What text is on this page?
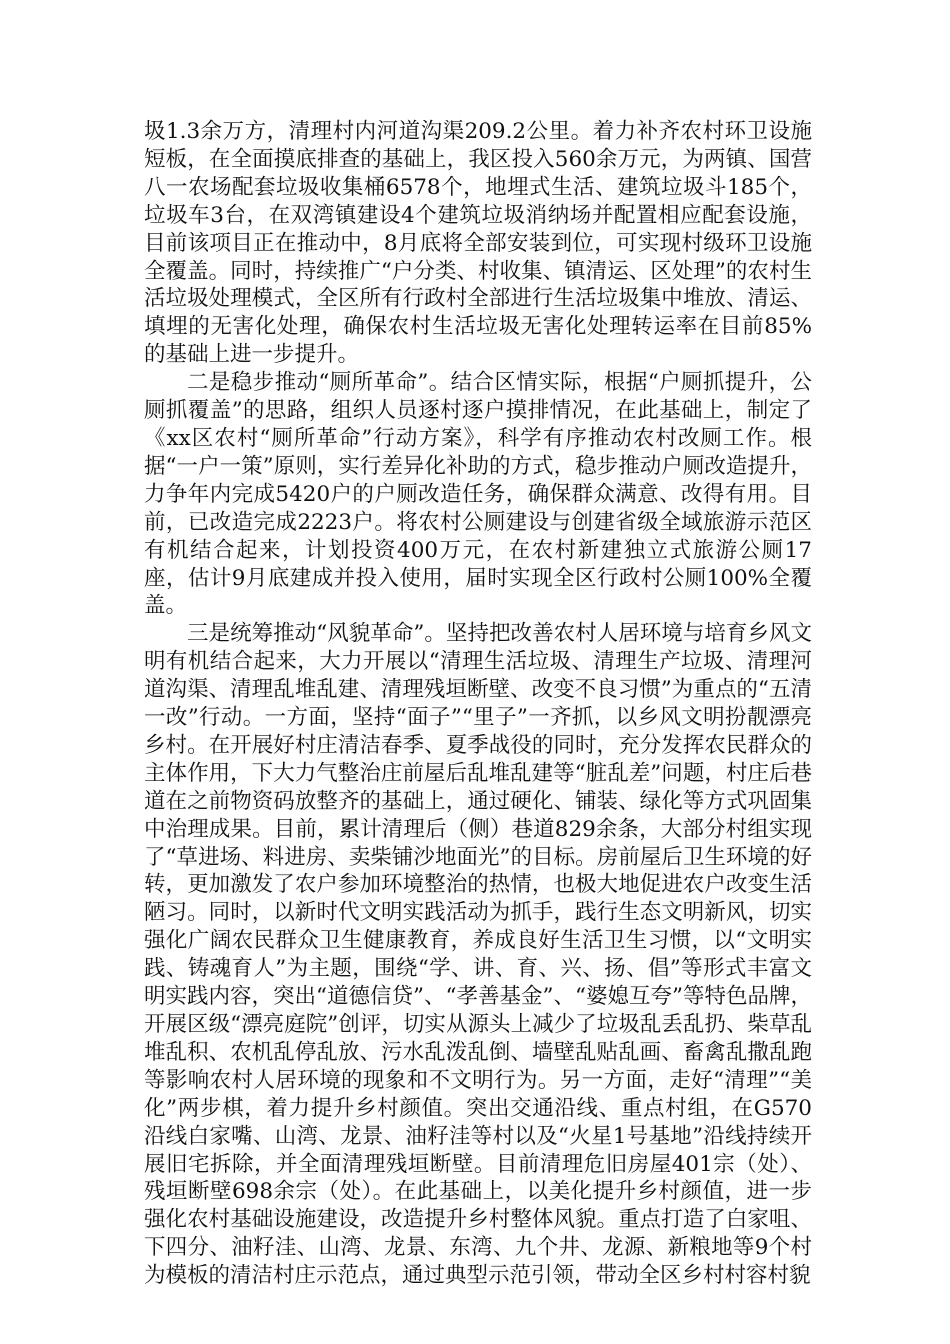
圾1.3余万方，清理村内河道沟渠209.2公里。着力补齐农村环卫设施短板，在全面摸底排查的基础上，我区投入560余万元，为两镇、国营八一农场配套垃圾收集桶6578个，地埋式生活、建筑垃圾斗185个，垃圾车3台，在双湾镇建设4个建筑垃圾消纳场并配置相应配套设施，目前该项目正在推动中，8月底将全部安装到位，可实现村级环卫设施全覆盖。同时，持续推广“户分类、村收集、镇清运、区处理”的农村生活垃圾处理模式，全区所有行政村全部进行生活垃圾集中堆放、清运、填埋的无害化处理，确保农村生活垃圾无害化处理转运率在目前85%的基础上进一步提升。

二是稳步推动“厕所革命”。结合区情实际，根据“户厕抓提升，公厕抓覆盖”的思路，组织人员逐村逐户摸排情况，在此基础上，制定了《xx区农村“厕所革命”行动方案》，科学有序推动农村改厕工作。根据“一户一策”原则，实行差异化补助的方式，稳步推动户厕改造提升，力争年内完成5420户的户厕改造任务，确保群众满意、改得有用。目前，已改造完成2223户。将农村公厕建设与创建省级全域旅游示范区有机结合起来，计划投资400万元，在农村新建独立式旅游公厕17座，估计9月底建成并投入使用，届时实现全区行政村公厕100%全覆盖。

三是统筹推动“风貌革命”。坚持把改善农村人居环境与培育乡风文明有机结合起来，大力开展以“清理生活垃圾、清理生产垃圾、清理河道沟渠、清理乱堆乱建、清理残垣断壁、改变不良习惯”为重点的“五清一改”行动。一方面，坚持“面子”“里子”一齐抓，以乡风文明扮靓漂亮乡村。在开展好村庄清洁春季、夏季战役的同时，充分发挥农民群众的主体作用，下大力气整治庄前屋后乱堆乱建等“脏乱差”问题，村庄后巷道在之前物资码放整齐的基础上，通过硬化、铺装、绿化等方式巩固集中治理成果。目前，累计清理后（侧）巷道829余条，大部分村组实现了“草进场、料进房、卖柴铺沙地面光”的目标。房前屋后卫生环境的好转，更加激发了农户参加环境整治的热情，也极大地促进农户改变生活陋习。同时，以新时代文明实践活动为抓手，践行生态文明新风，切实强化广阔农民群众卫生健康教育，养成良好生活卫生习惯，以“文明实践、铸魂育人”为主题，围绕“学、讲、育、兴、扬、倡”等形式丰富文明实践内容，突出“道德信贷”、“孝善基金”、“婆媳互夸”等特色品牌，开展区级“漂亮庭院”创评，切实从源头上减少了垃圾乱丢乱扔、柴草乱堆乱积、农机乱停乱放、污水乱泼乱倒、墙壁乱贴乱画、畜禽乱撒乱跑等影响农村人居环境的现象和不文明行为。另一方面，走好“清理”“美化”两步棋，着力提升乡村颜值。突出交通沿线、重点村组，在G570沿线白家嘴、山湾、龙景、油籽洼等村以及“火星1号基地”沿线持续开展旧宅拆除，并全面清理残垣断壁。目前清理危旧房屋401宗（处）、残垣断壁698余宗（处）。在此基础上，以美化提升乡村颜值，进一步强化农村基础设施建设，改造提升乡村整体风貌。重点打造了白家咀、下四分、油籽洼、山湾、龙景、东湾、九个井、龙源、新粮地等9个村为模板的清洁村庄示范点，通过典型示范引领，带动全区乡村村容村貌
